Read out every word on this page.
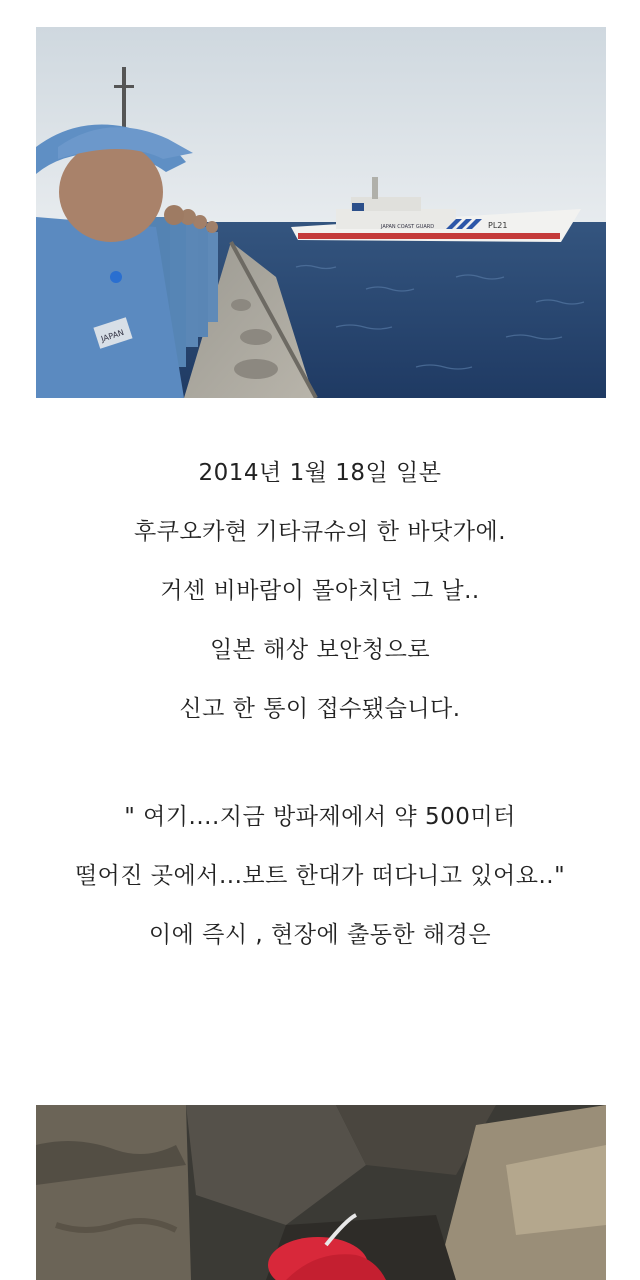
JAPAN COAST GUARD	PL21
JAPAN
2014년 1월 18일 일본
후쿠오카현 기타큐슈의 한 바닷가에.
거센 비바람이 몰아치던 그 날..
일본 해상 보안청으로
신고 한 통이 접수됐습니다.
" 여기....지금 방파제에서 약 500미터
떨어진 곳에서...보트 한대가 떠다니고 있어요.."
이에 즉시 , 현장에 출동한 해경은
